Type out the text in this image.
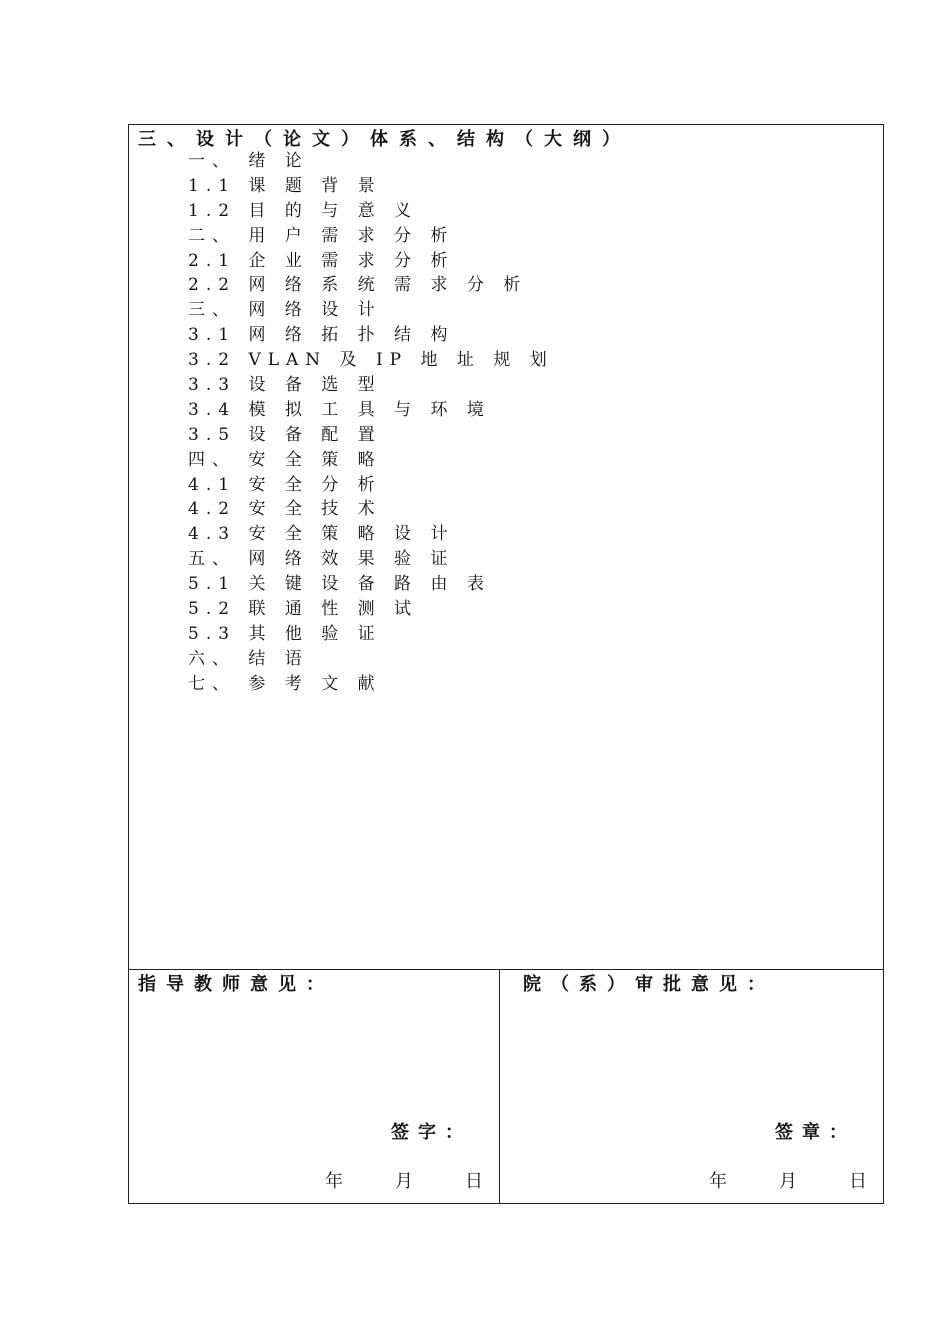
三、设计（论文）体系、结构（大纲）
一、 绪 论
1.1 课 题 背 景
1.2 目 的 与 意 义
二、 用 户 需 求 分 析
2.1 企 业 需 求 分 析
2.2 网 络 系 统 需 求 分 析
三、 网 络 设 计
3.1 网 络 拓 扑 结 构
3.2 VLAN 及 IP 地 址 规 划
3.3 设 备 选 型
3.4 模 拟 工 具 与 环 境
3.5 设 备 配 置
四、 安 全 策 略
4.1 安 全 分 析
4.2 安 全 技 术
4.3 安 全 策 略 设 计
五、 网 络 效 果 验 证
5.1 关 键 设 备 路 由 表
5.2 联 通 性 测 试
5.3 其 他 验 证
六、 结 语
七、 参 考 文 献
指导教师意见：
签字：
年	月	日
院（系）审批意见：
签章：
年	月	日
